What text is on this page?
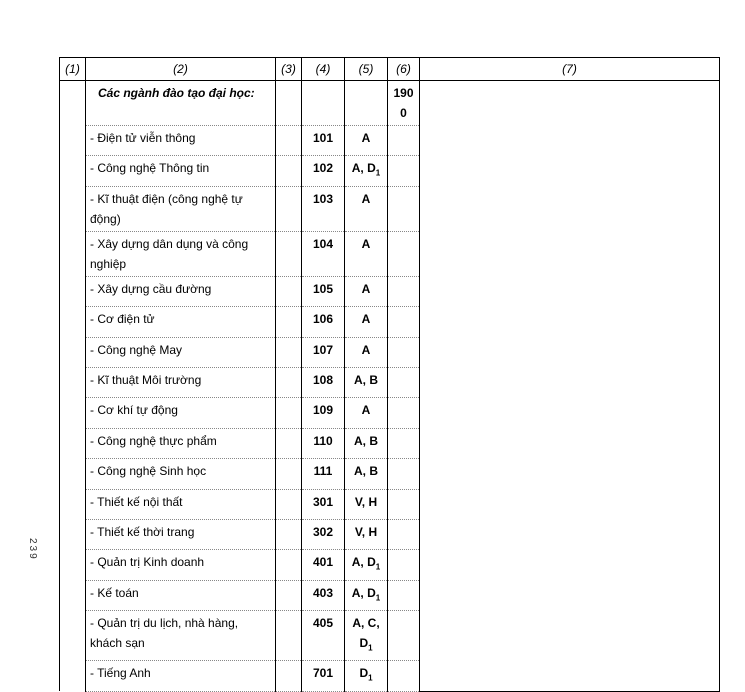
239
(1)	(2)	(3)	(4)	(5)	(6)	(7)
	Các ngành đào tạo đại học:				1900	
	- Điện tử viễn thông		101	A		
	- Công nghệ Thông tin		102	A, $D_1$	
	- Kĩ thuật điện (công nghệ tự động)		103	A		
	- Xây dựng dân dụng và công nghiệp		104	A		
	- Xây dựng cầu đường		105	A		
	- Cơ điện tử		106	A		
	- Công nghệ May		107	A		
	- Kĩ thuật Môi trường		108	A, B		
	- Cơ khí tự động		109	A		
	- Công nghệ thực phẩm		110	A, B		
	- Công nghệ Sinh học		111	A, B		
	- Thiết kế nội thất		301	V, H		
	- Thiết kế thời trang		302	V, H		
	- Quản trị Kinh doanh		401	A, $D_1$	
	- Kế toán		403	A, $D_1$	
	- Quản trị du lịch, nhà hàng, khách sạn		405	A, C, $D_1$	
	- Tiếng Anh		701	$D_1$	
